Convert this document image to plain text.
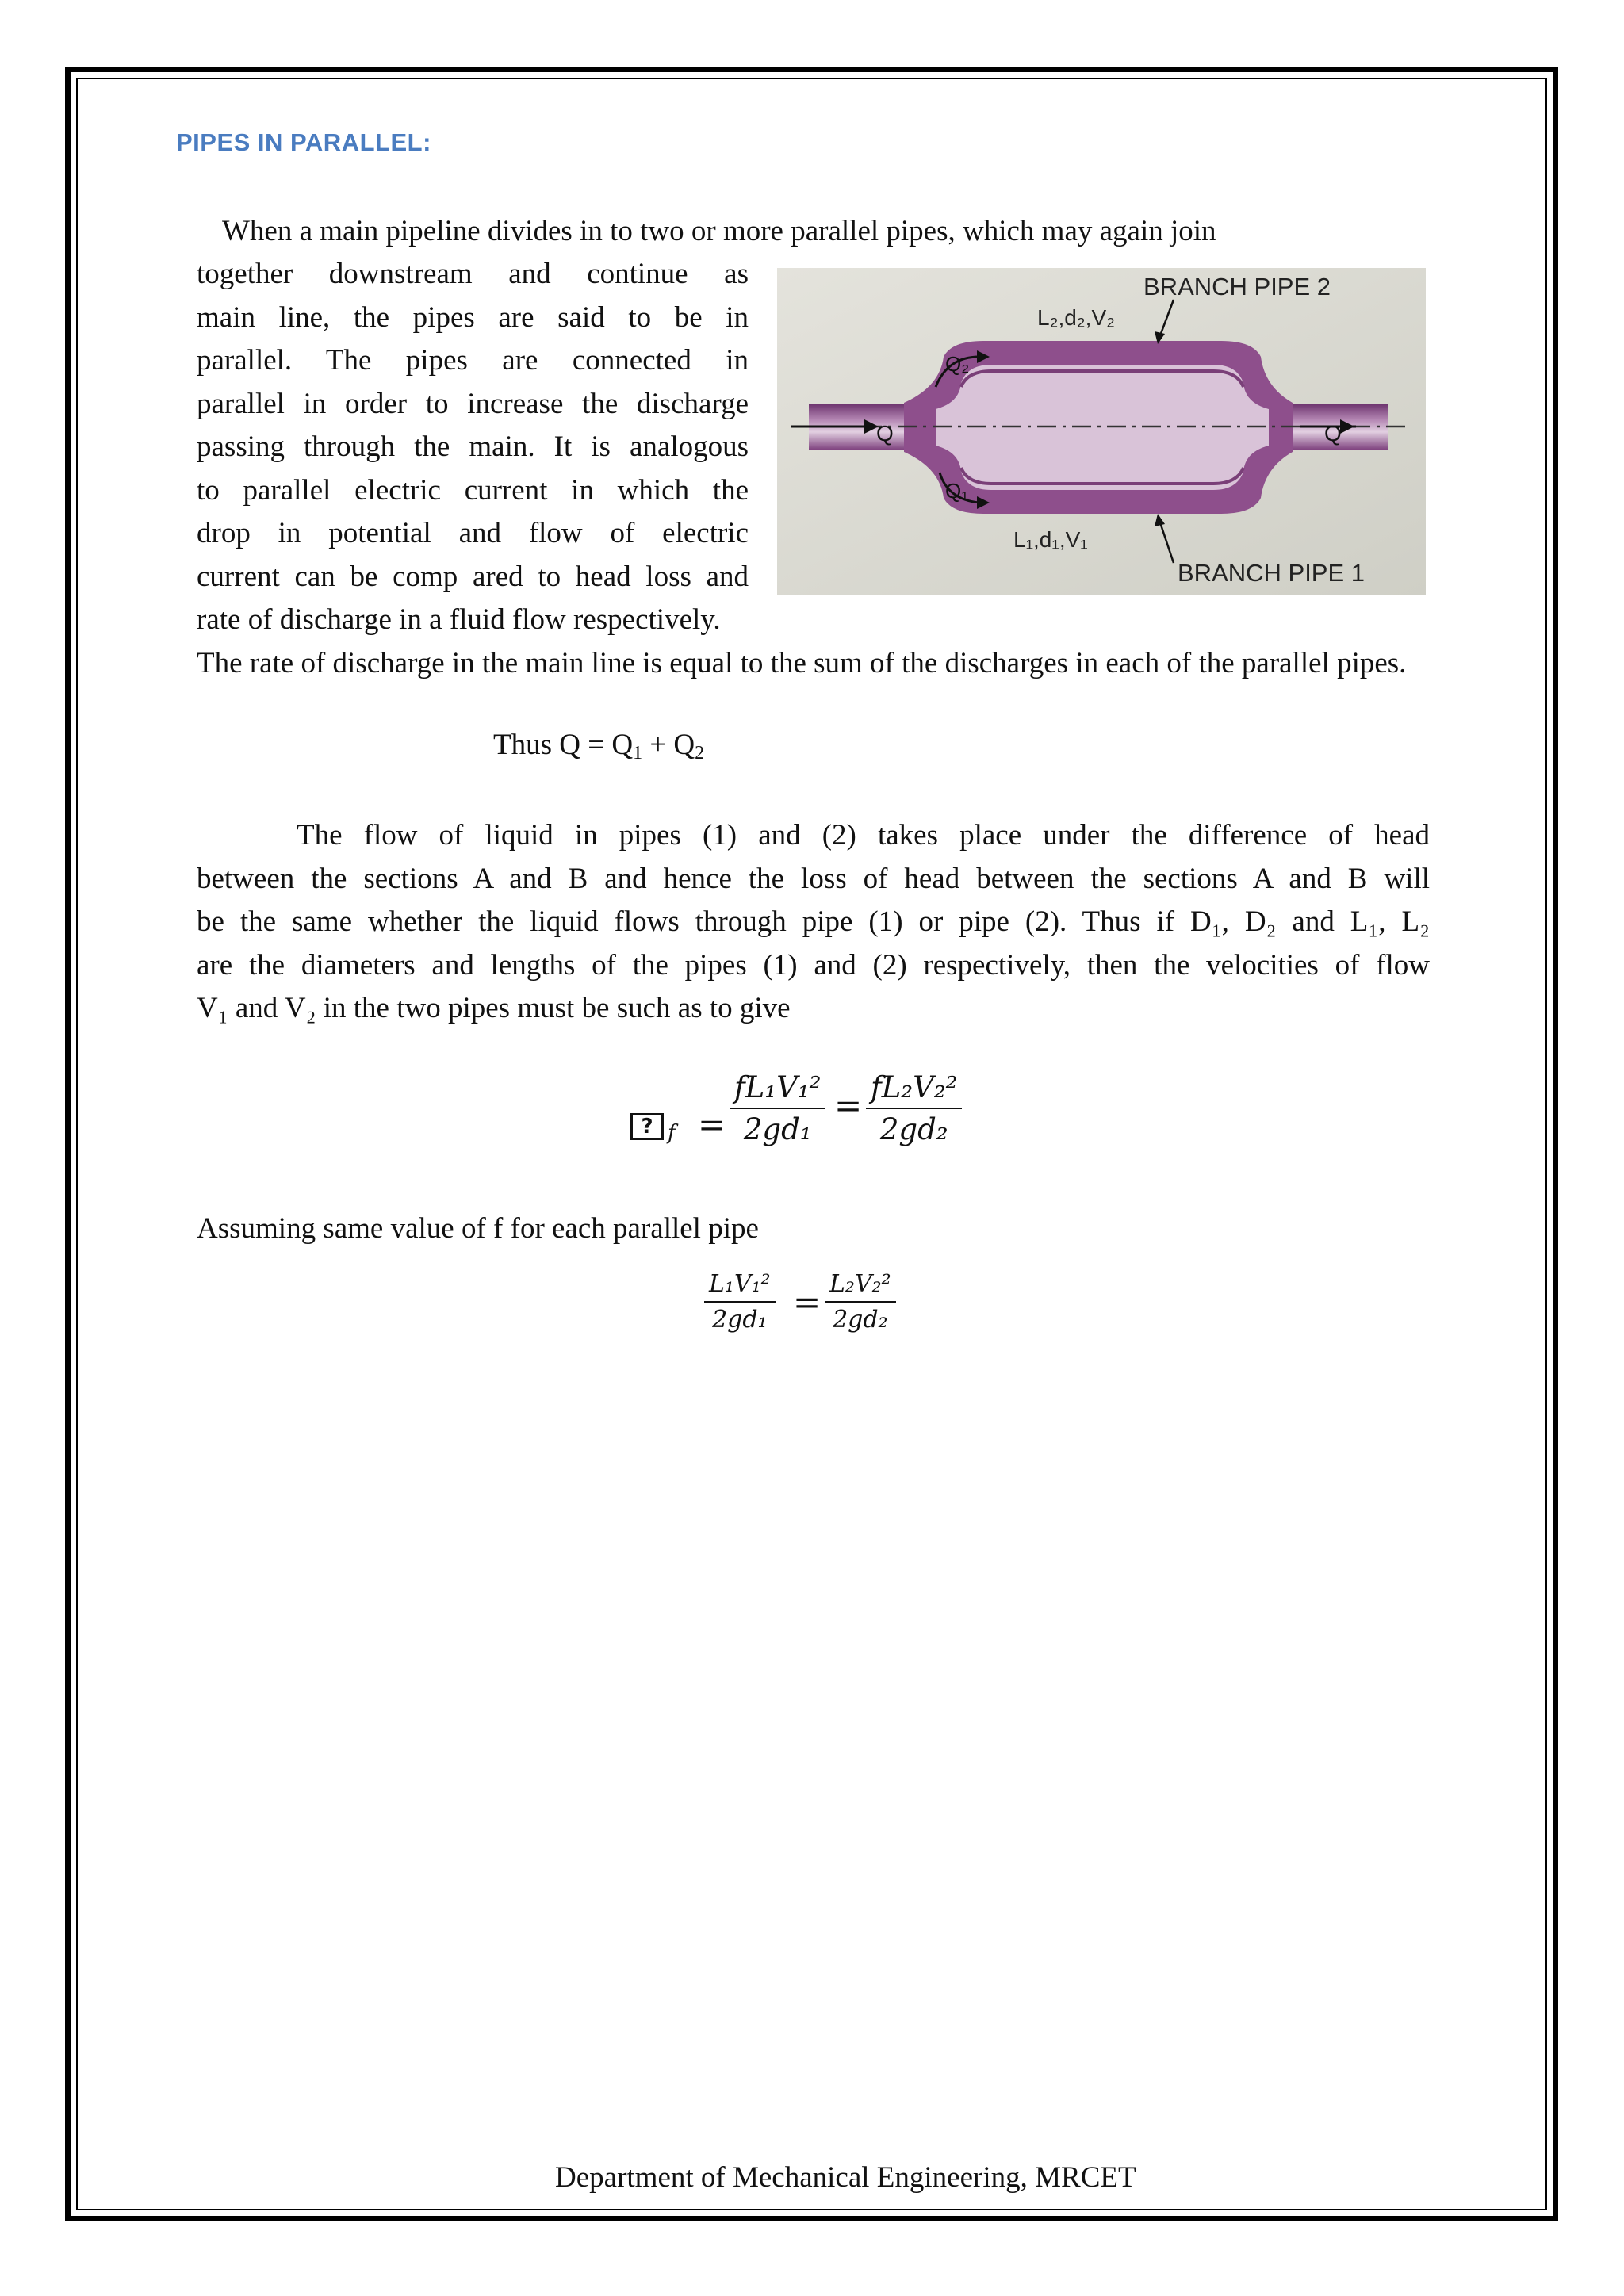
PIPES IN PARALLEL:

When a main pipeline divides in to two or more parallel pipes, which may again join

together downstream and continue as
main line, the pipes are said to be in
parallel. The pipes are connected in
parallel in order to increase the discharge
passing through the main. It is analogous
to parallel electric current in which the
drop in potential and flow of electric
current can be comp ared to head loss and
rate of discharge in a fluid flow respectively.

BRANCH PIPE 2
BRANCH PIPE 1
L₂,d₂,V₂
L₁,d₁,V₁
Q	Q
Q₂
Q₁

The rate of discharge in the main line is equal to the sum of the discharges in each of the parallel pipes.

Thus $Q = Q_1 + Q_2$

The flow of liquid in pipes (1) and (2) takes place under the difference of head
between the sections A and B and hence the loss of head between the sections A and B will
be the same whether the liquid flows through pipe (1) or pipe (2). Thus if D₁, D₂ and L₁, L₂
are the diameters and lengths of the pipes (1) and (2) respectively, then the velocities of flow
V₁ and V₂ in the two pipes must be such as to give

? f =
fL₁V₁²
2gd₁
= fL₂V₂²
2gd₂

Assuming same value of f for each parallel pipe

L₁V₁²
2gd₁ = L₂V₂²
2gd₂
Department of Mechanical Engineering, MRCET
